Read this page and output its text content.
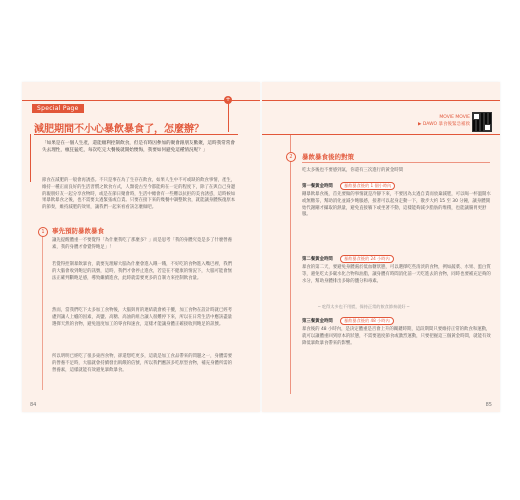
+
Special Page
減肥期間不小心暴飲暴食了，怎麼辦？
「如果是在一個人生產，還能順利控制飲食，但是有時因參加的聚會跟朋友歡聚，這時我常常會失去理性，瘋狂猛吃，每次吃完大餐後就開始懊悔，我要如何避免這種情況呢？」
節食在減肥的一般會再誘惑。不只是事在為了生存在飲食，如果人生中不可或缺的飲食事情，產生，維持一種正面良好的生活習慣之飲食方式，人類從古至今都能夠在一定的程度下，除了在與自己身邊的親朋好友一起分享食物時，或是在節日聚會時，生活中總會有一些難以抗拒的美食誘惑，這時候如果暴飲暴食之後，也不需要太過緊張或自責。只要在接下來的幾餐中調整飲食，就能讓身體恢復原本的節奏，維持減肥的效果，讓我們一起來看看該怎麼做吧。
1	事先預防暴飲暴食
讓先提醒體重一不要覺得「為什麼我吃了那麼多？」而是思考「我的身體究竟是多了什麼營養素，我的身體才會覺得飽足」！
若覺得控制暴飲暴食，就要先理解大腦為什麼會進入餓一餓，不好吃的食物進入嘴巴裡，我們的大腦會收到飽足的訊號，這時，我們才會停止進食，若是在不健康的情況下，大腦可能會無法正確判斷飽足感，導致繼續進食，此時就需要更多的自制力來控制飲食量。
然而，當我們吃下太多加工食物後，大腦與胃的連結就會被干擾，加工食物在設計時就已經考慮到讓人上癮的因素，高鹽、高糖、高油的組合讓人很難停下來，所以在日常生活中應該盡量選擇天然的食物，避免過度加工的零食和速食，這樣才能讓身體正確接收到飽足的訊號。
所以明明已經吃了很多東西食物，卻還想吃更多，這就是加工食品帶來的問題之一，身體需要的營養不足時，大腦就會持續發出飢餓的信號，所以我們應該多吃原型食物，補充身體所需的營養素，這樣就能有效避免暴飲暴食。
84
MOVIE MOVIE
▶ DAWO 暴食後緊急補救
2	暴飲暴食後的對策
吃太多後也不要感到氣，你還有三次進行的黃金時間
第一餐黃金時間	暴飲暴食後的 1 個小時內
剛暴飲暴食後，首先要做的事情就是冷靜下來，不要因為太過自責而放棄減肥，可以喝一杯溫開水或無糖茶，幫助消化並減少飽脹感，接著可以起身走動一下，散步大約 15 至 30 分鐘，讓身體開始代謝剛才攝取的熱量，避免直接躺下或坐著不動，這樣能夠減少脂肪的堆積，也能讓腸胃更舒服。
第二餐黃金時間	暴飲暴食後的 24 小時內
暴食的第二天，要避免身體處於低血糖狀態，可以選擇吃些清淡的食物，例如蔬菜、水果、蛋白質等，避免吃太多碳水化合物和油脂，讓身體有時間消化前一天吃進去的食物，同時也要補充足夠的水分，幫助身體排出多餘的鹽分和毒素。
─ 吃得太多也不用慌，保持正常的飲食節奏就好 ─
第三餐黃金時間	暴飲暴食後的 48 小時內
暴食後的 48 小時內，是決定體重是否會上升的關鍵時期，這段期間只要維持正常的飲食和運動，就可以讓體重回到原本的狀態，不需要過度節食或激烈運動，只要把握這三個黃金時間，就能有效降低暴飲暴食帶來的影響。
85
